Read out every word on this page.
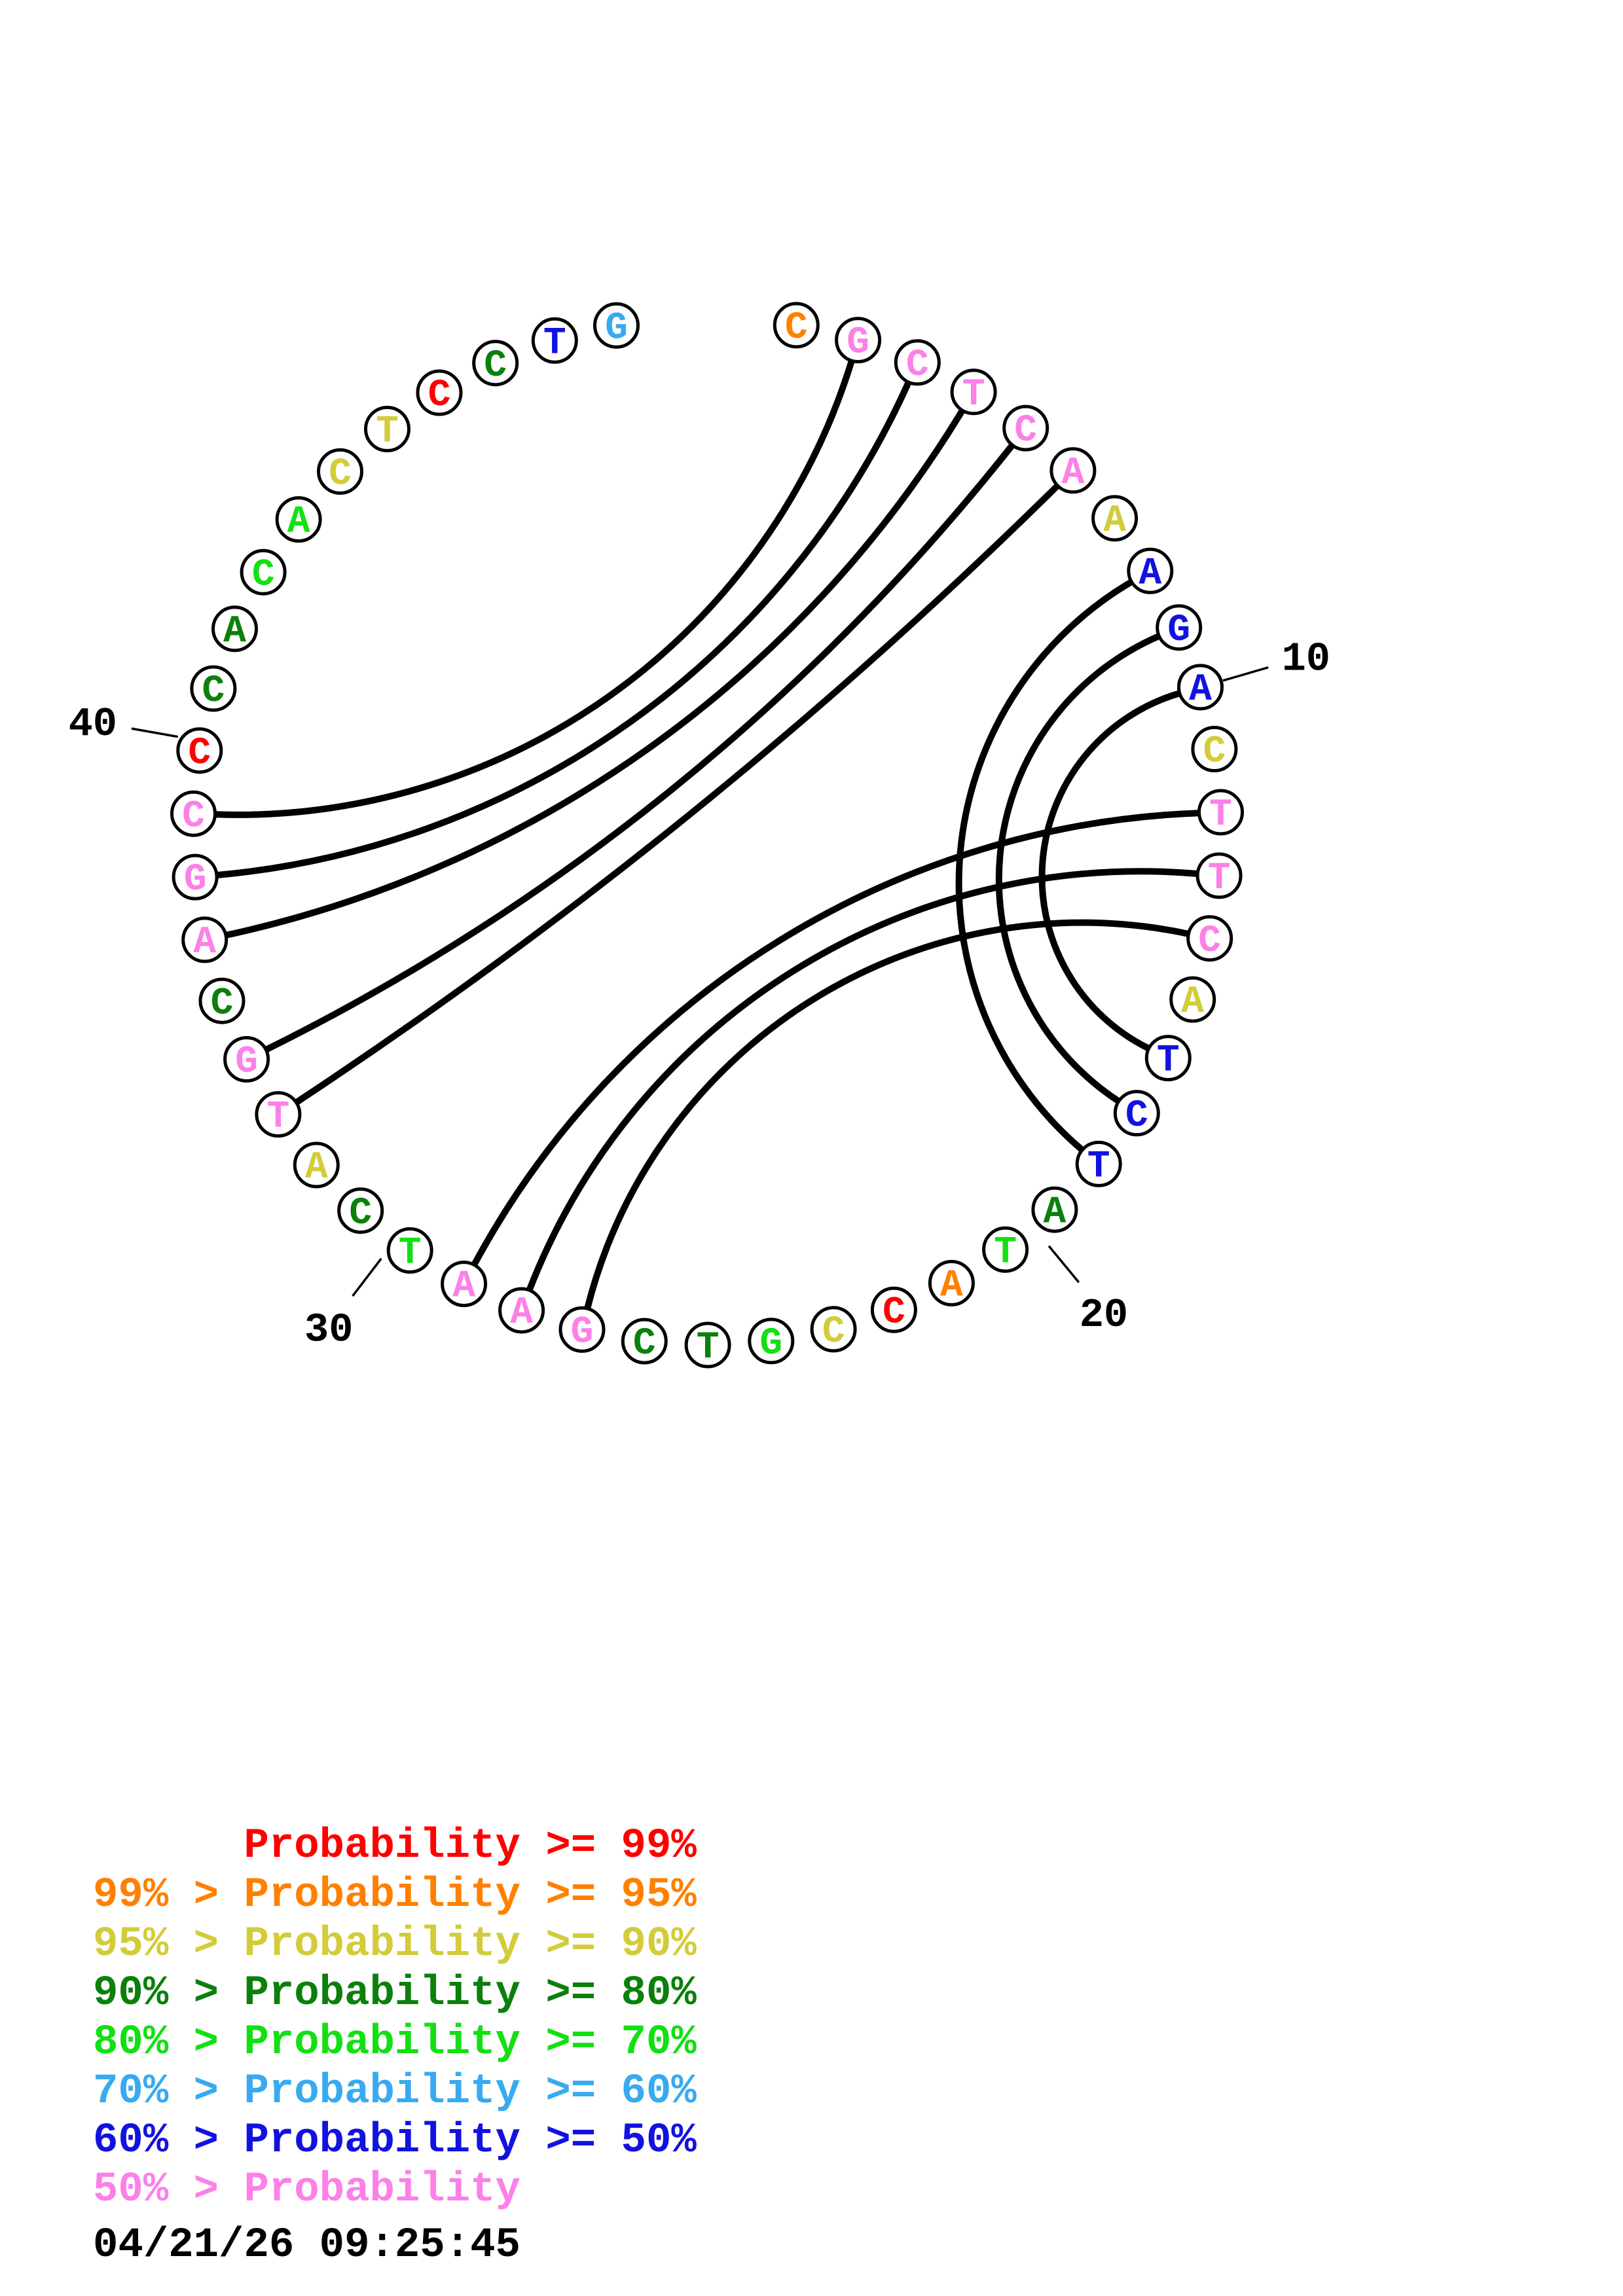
10
20
30
40
C G
C
T
C
A
A
A
G
A
C
T
T
C
A
T
C
T
A
T
A
C
C
G
T
C
G
A
A
T
C
A
T
G
C
A
G
C
C
C
A
C
A
C
T
C
C
T G
Probability >= 99%
99% > Probability >= 95%
95% > Probability >= 90%
90% > Probability >= 80%
80% > Probability >= 70%
70% > Probability >= 60%
60% > Probability >= 50%
50% > Probability
04/21/26 09:25:45
